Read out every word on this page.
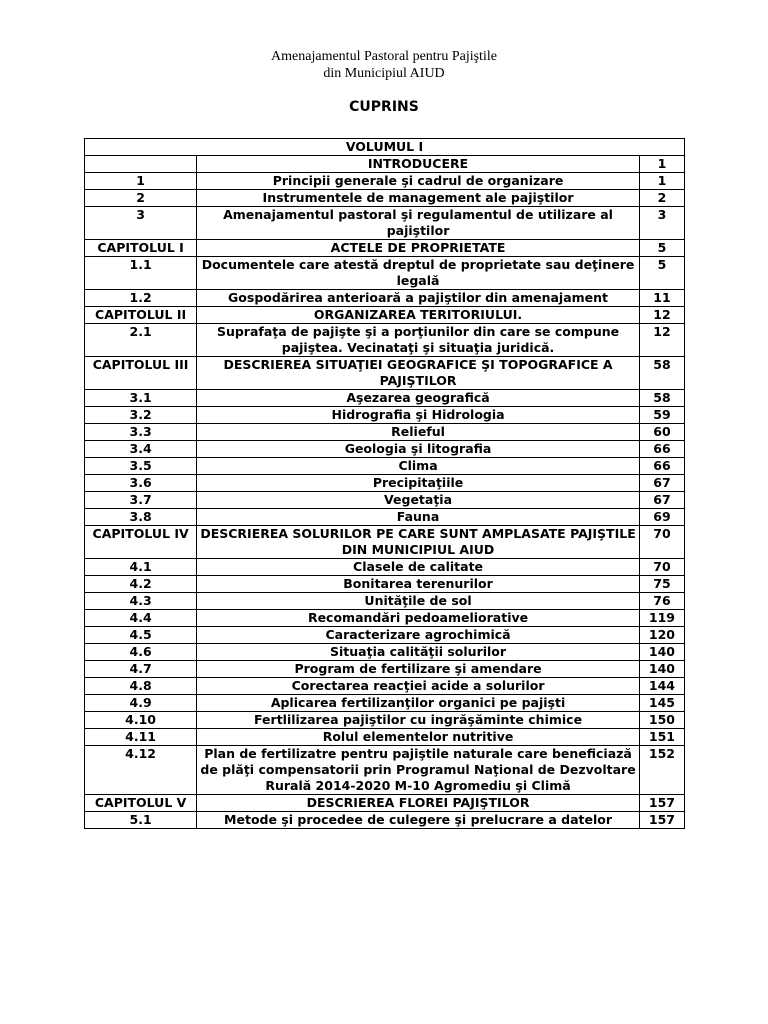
Amenajamentul Pastoral pentru Pajiştile
din Municipiul AIUD
CUPRINS
VOLUMUL I		
	INTRODUCERE	1
1	Principii generale şi cadrul de organizare	1
2	Instrumentele de management ale pajiştilor	2
3	Amenajamentul pastoral şi regulamentul de utilizare al pajiştilor	3
CAPITOLUL I	ACTELE DE PROPRIETATE	5
1.1	Documentele care atestă dreptul de proprietate sau deţinere legală	5
1.2	Gospodărirea anterioară a pajiştilor din amenajament	11
CAPITOLUL II	ORGANIZAREA TERITORIULUI.	12
2.1	Suprafaţa de pajişte şi a porţiunilor din care se compune pajiştea. Vecinataţi şi situaţia juridică.	12
CAPITOLUL III	DESCRIEREA SITUAŢIEI GEOGRAFICE ŞI TOPOGRAFICE A PAJIŞTILOR	58
3.1	Aşezarea geografică	58
3.2	Hidrografia şi Hidrologia	59
3.3	Relieful	60
3.4	Geologia şi litografia	66
3.5	Clima	66
3.6	Precipitaţiile	67
3.7	Vegetaţia	67
3.8	Fauna	69
CAPITOLUL IV	DESCRIEREA SOLURILOR PE CARE SUNT AMPLASATE PAJIŞTILE DIN MUNICIPIUL AIUD	70
4.1	Clasele de calitate	70
4.2	Bonitarea terenurilor	75
4.3	Unităţile de sol	76
4.4	Recomandări pedoameliorative	119
4.5	Caracterizare agrochimică	120
4.6	Situaţia calităţii solurilor	140
4.7	Program de fertilizare şi amendare	140
4.8	Corectarea reacţiei acide a solurilor	144
4.9	Aplicarea fertilizanţilor organici pe pajişti	145
4.10	Fertlilizarea pajiştilor cu ingrăşăminte chimice	150
4.11	Rolul elementelor nutritive	151
4.12	Plan de fertilizatre pentru pajiştile naturale care beneficiază de plăţi compensatorii prin Programul Naţional de Dezvoltare Rurală 2014-2020 M-10 Agromediu şi Climă	152
CAPITOLUL V	DESCRIEREA FLOREI PAJIŞTILOR	157
5.1	Metode şi procedee de culegere şi prelucrare a datelor	157
